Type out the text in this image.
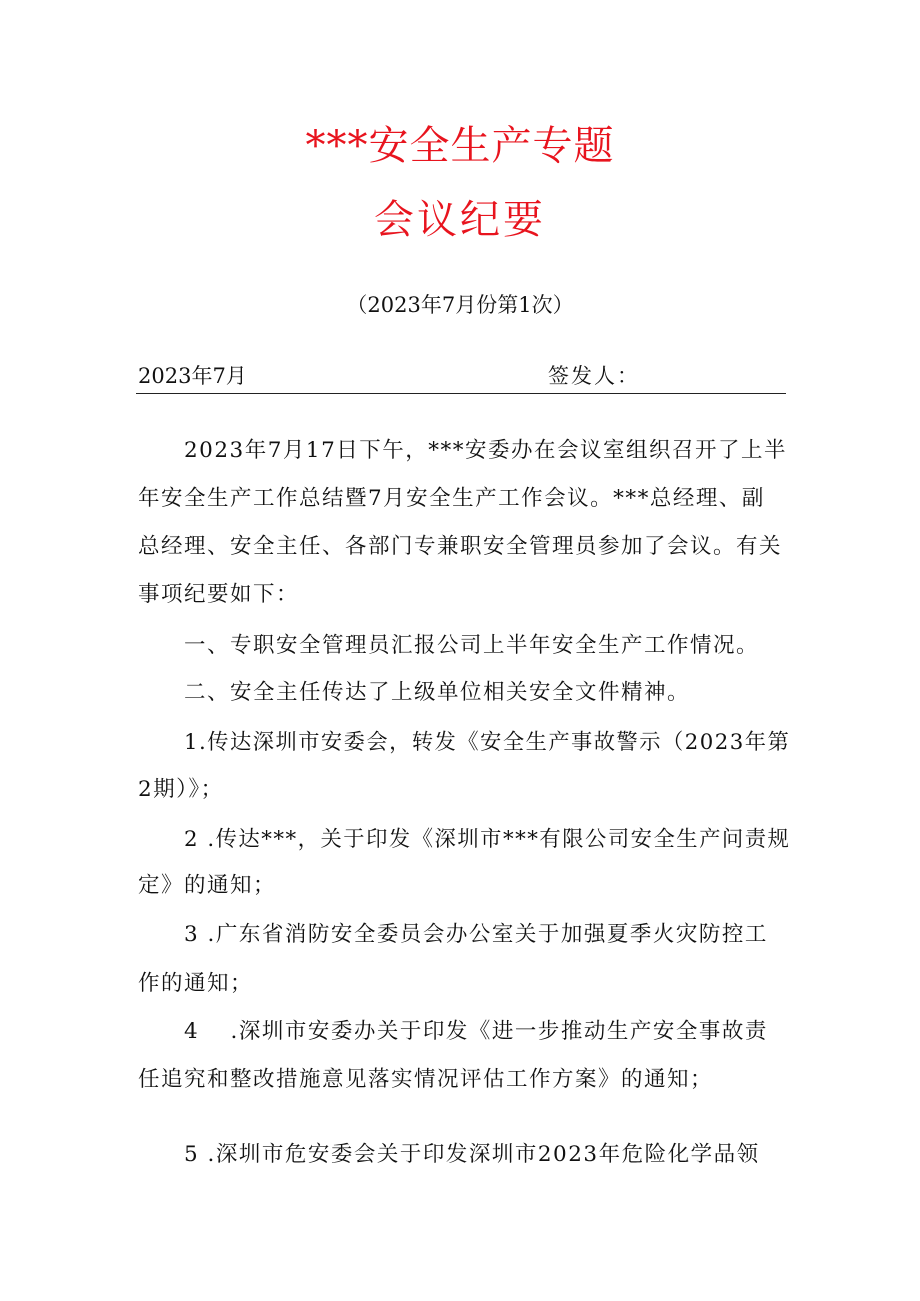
***安全生产专题
会议纪要
（2023年7月份第1次）
2023年7月	签发人：
2023年7月17日下午，***安委办在会议室组织召开了上半
年安全生产工作总结暨7月安全生产工作会议。***总经理、副
总经理、安全主任、各部门专兼职安全管理员参加了会议。有关
事项纪要如下：
一、专职安全管理员汇报公司上半年安全生产工作情况。
二、安全主任传达了上级单位相关安全文件精神。
1.传达深圳市安委会，转发《安全生产事故警示（2023年第
2期）》；
2 .传达***，关于印发《深圳市***有限公司安全生产问责规
定》的通知；
3 .广东省消防安全委员会办公室关于加强夏季火灾防控工
作的通知；
4 　.深圳市安委办关于印发《进一步推动生产安全事故责
任追究和整改措施意见落实情况评估工作方案》的通知；
5 .深圳市危安委会关于印发深圳市2023年危险化学品领
